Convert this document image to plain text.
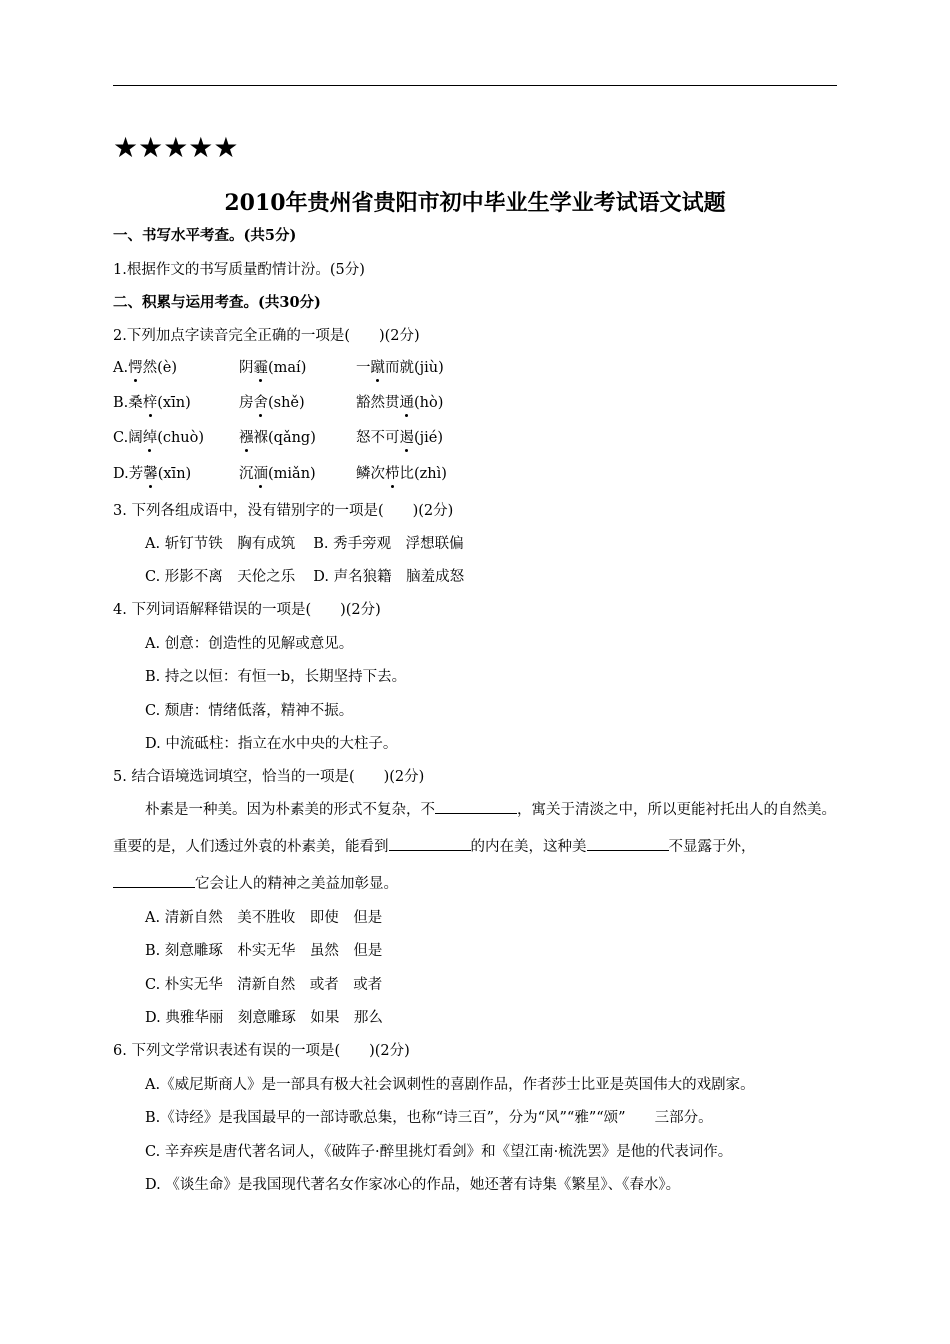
★★★★★
2010年贵州省贵阳市初中毕业生学业考试语文试题
一、书写水平考查。(共5分)
1.根据作文的书写质量酌情计汾。(5分)
二、积累与运用考查。(共30分)
2.下列加点字读音完全正确的一项是(　　)(2分)
A.愕然(è)	阴霾(maí)	一蹴而就(jiù)
B.桑梓(xīn)	房舍(shě)	豁然贯通(hò)
C.阔绰(chuò) 襁褓(qǎng)	怒不可遏(jié)
D.芳馨(xīn)	沉湎(miǎn)	鳞次栉比(zhì)
3. 下列各组成语中，没有错别字的一项是(　　)(2分)
A. 斩钉节铁　胸有成筑 B. 秀手旁观　浮想联偏
C. 形影不离　天伦之乐 D. 声名狼籍　脑羞成怒
4. 下列词语解释错误的一项是(　　)(2分)
A. 创意：创造性的见解或意见。
B. 持之以恒：有恒一b，长期坚持下去。
C. 颓唐：情绪低落，精神不振。
D. 中流砥柱：指立在水中央的大柱子。
5. 结合语境选词填空，恰当的一项是(　　)(2分)
朴素是一种美。因为朴素美的形式不复杂，不	，寓关于清淡之中，所以更能衬托出人的自然美。重要的是，人们透过外袁的朴素美，能看到	的内在美，这种美	不显露于外，它会让人的精神之美益加彰显。
A. 清新自然　美不胜收　即使　但是
B. 刻意雕琢　朴实无华　虽然　但是
C. 朴实无华　清新自然　或者　或者
D. 典雅华丽　刻意雕琢　如果　那么
6. 下列文学常识表述有误的一项是(　　)(2分)
A.《威尼斯商人》是一部具有极大社会讽刺性的喜剧作品，作者莎士比亚是英国伟大的戏剧家。
B.《诗经》是我国最早的一部诗歌总集，也称“诗三百”，分为“风”“雅”“颂”　　三部分。
C. 辛弃疾是唐代著名词人，《破阵子·醉里挑灯看剑》和《望江南·梳洗罢》是他的代表词作。
D. 《谈生命》是我国现代著名女作家冰心的作品，她还著有诗集《繁星》、《春水》。
